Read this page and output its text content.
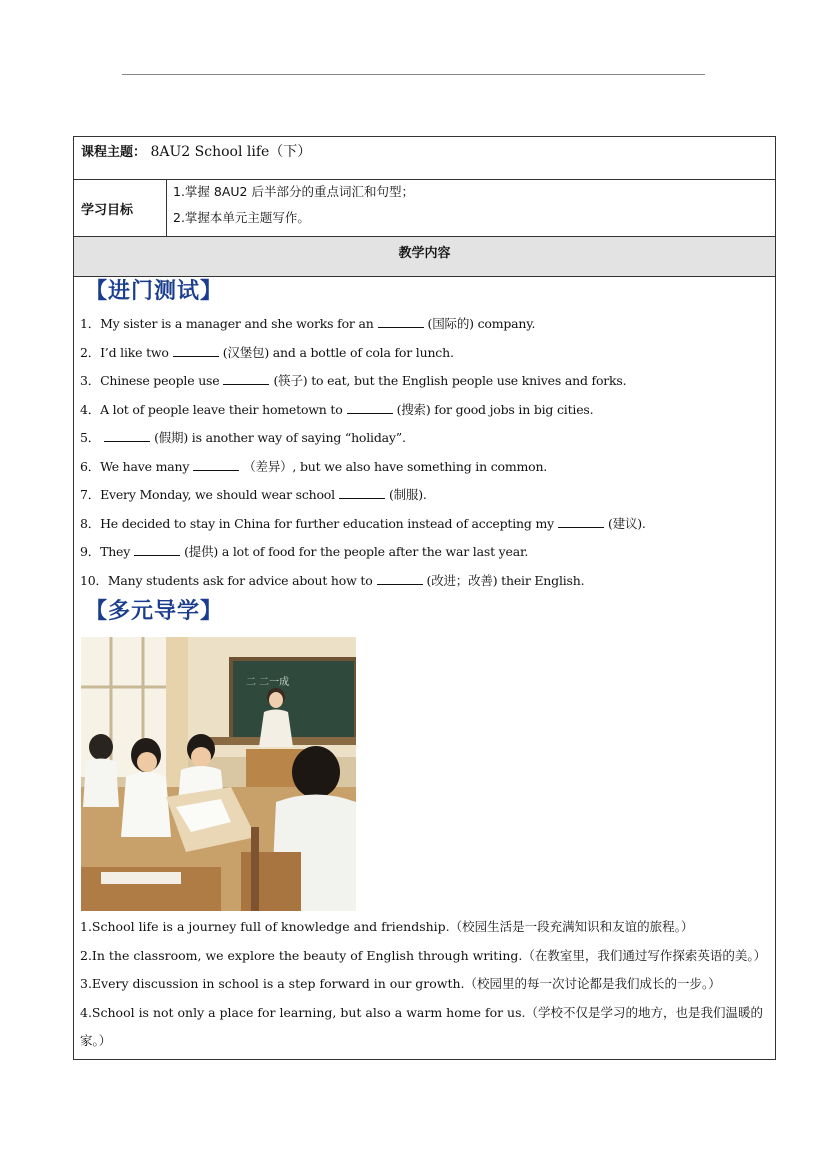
课程主题： 8AU2 School life（下）
学习目标
1.掌握 8AU2 后半部分的重点词汇和句型；
2.掌握本单元主题写作。
教学内容
【进门测试】
1．My sister is a manager and she works for an	(国际的) company.
2．I’d like two	(汉堡包) and a bottle of cola for lunch.
3．Chinese people use	(筷子) to eat, but the English people use knives and forks.
4．A lot of people leave their hometown to	(搜索) for good jobs in big cities.
5．	(假期) is another way of saying “holiday”.
6．We have many	（差异）, but we also have something in common.
7．Every Monday, we should wear school	(制服).
8．He decided to stay in China for further education instead of accepting my	(建议).
9．They	(提供) a lot of food for the people after the war last year.
10．Many students ask for advice about how to	(改进；改善) their English.
【多元导学】
二 二一成
1.School life is a journey full of knowledge and friendship.（校园生活是一段充满知识和友谊的旅程。）
2.In the classroom, we explore the beauty of English through writing.（在教室里，我们通过写作探索英语的美。）
3.Every discussion in school is a step forward in our growth.（校园里的每一次讨论都是我们成长的一步。）
4.School is not only a place for learning, but also a warm home for us.（学校不仅是学习的地方，也是我们温暖的家。）
